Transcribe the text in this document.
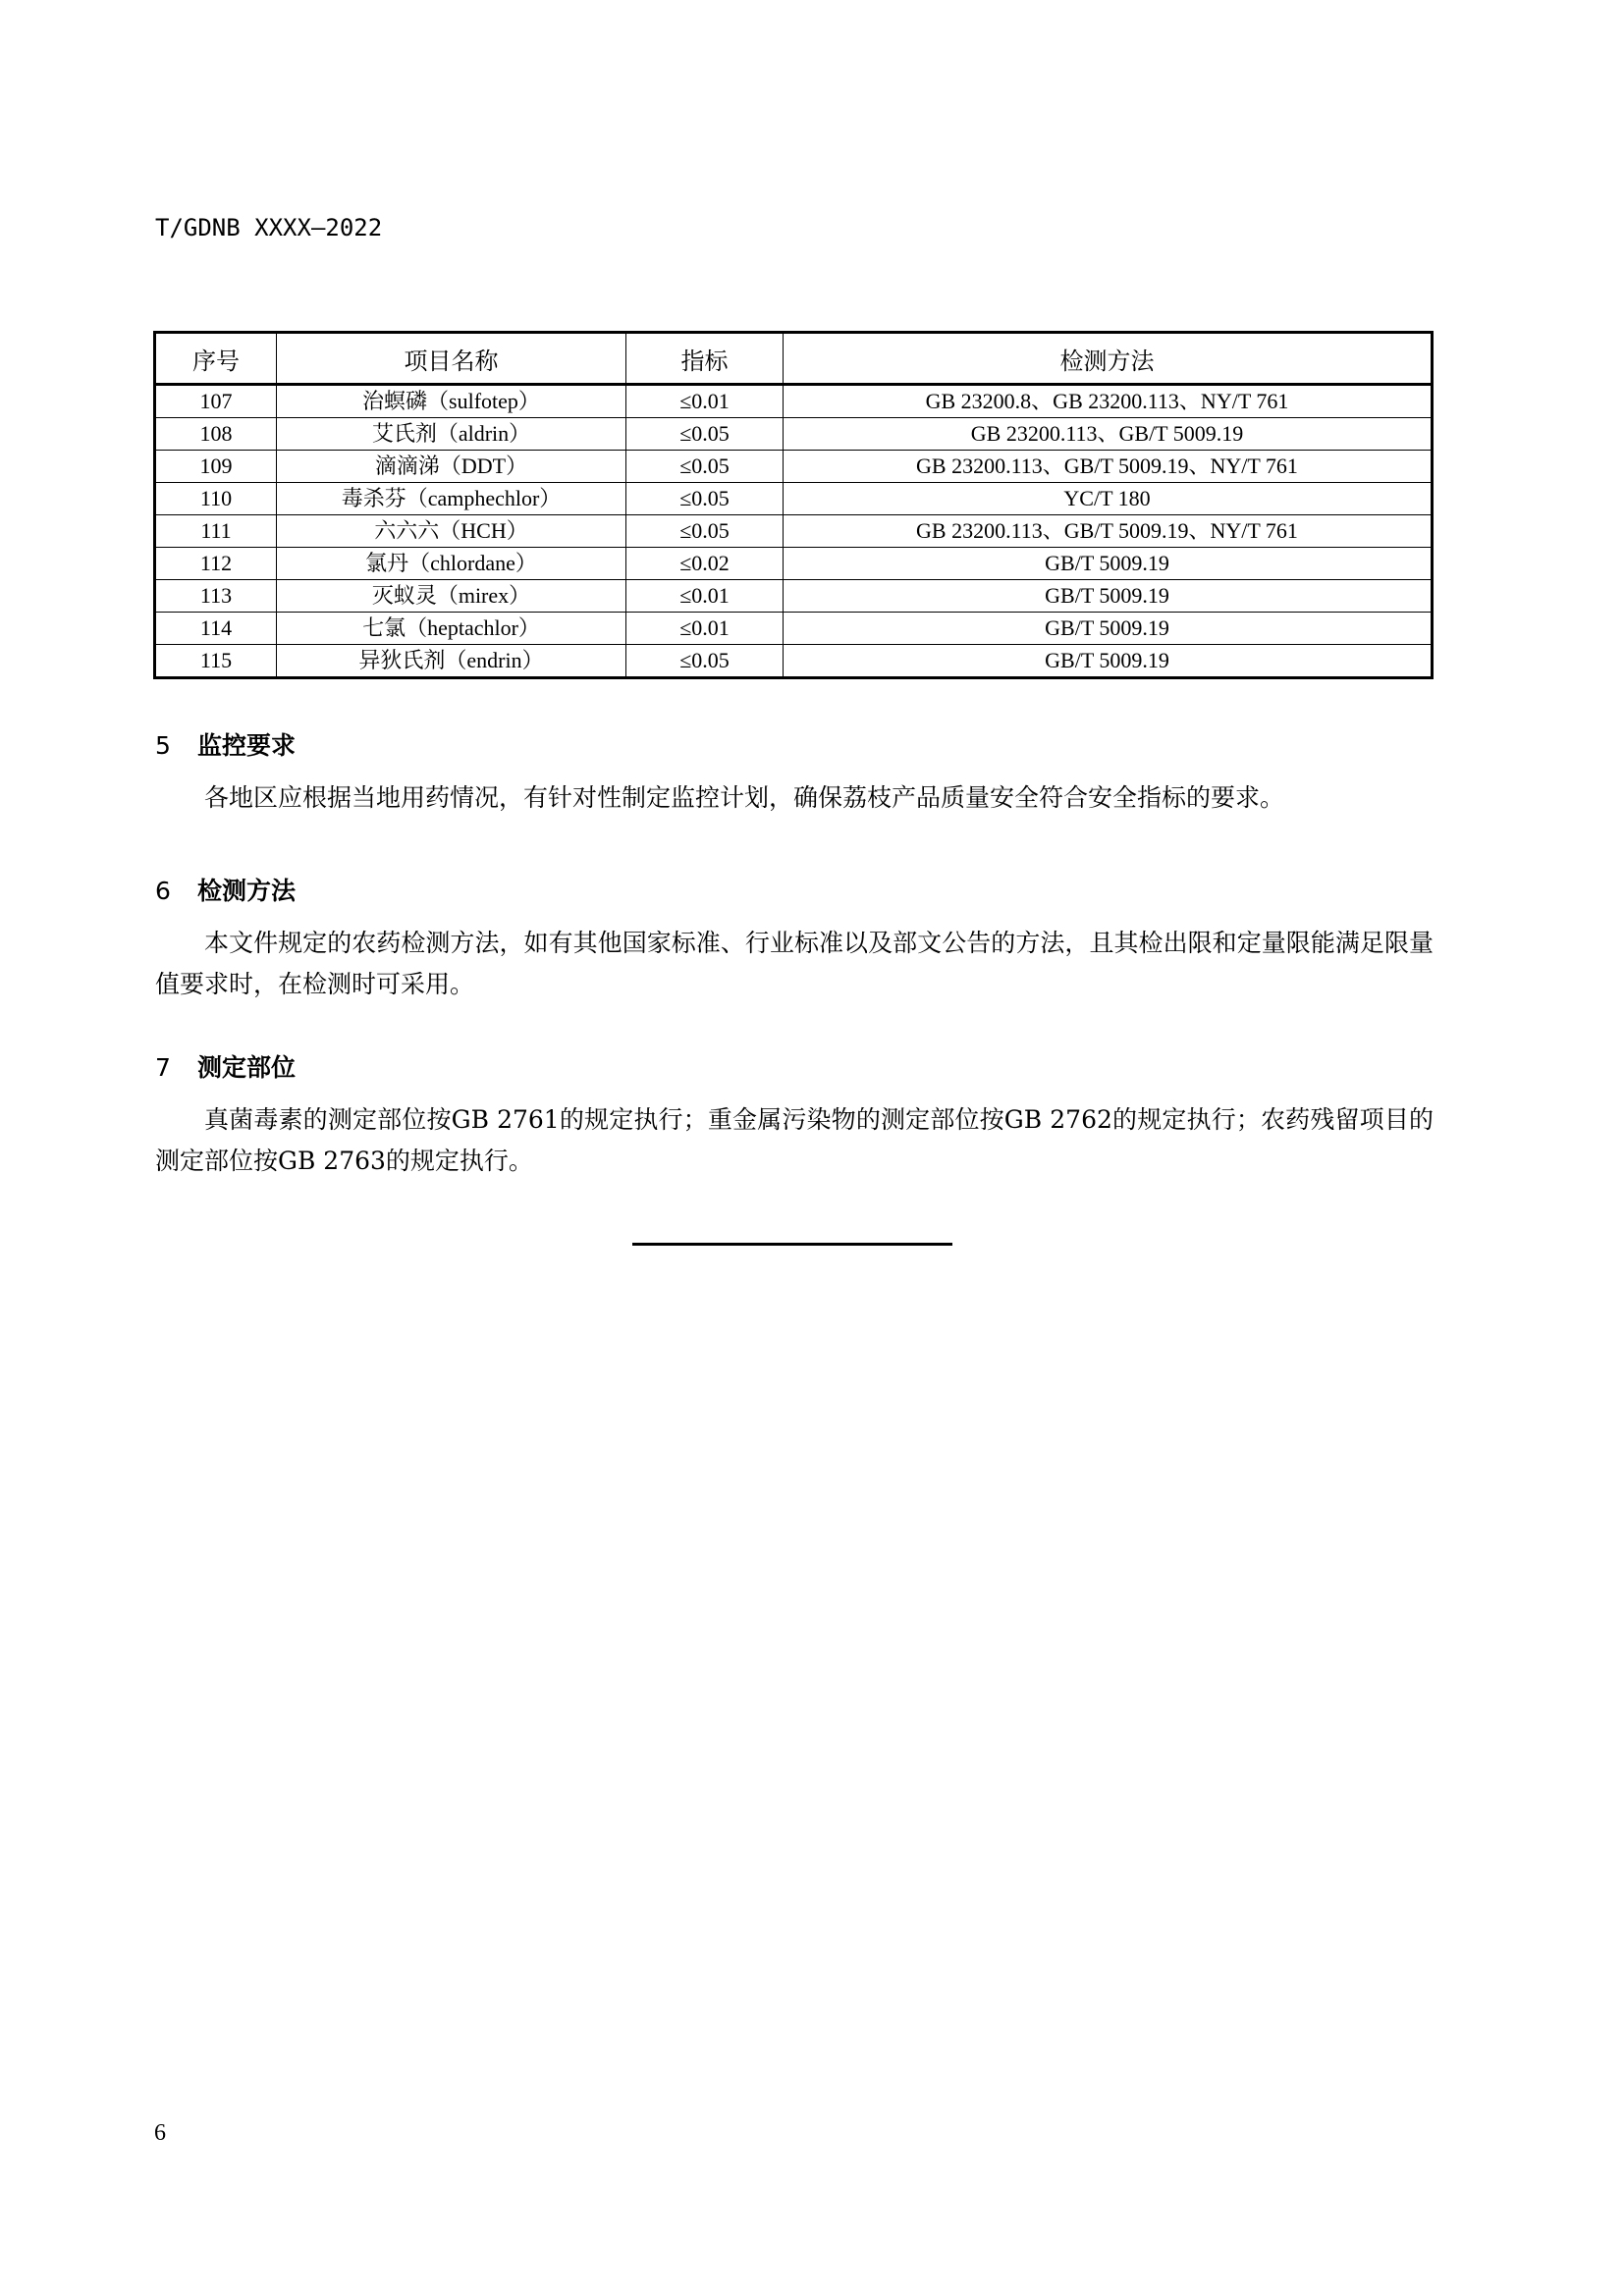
T/GDNB XXXX—2022
序号	项目名称	指标	检测方法
107	治螟磷（sulfotep）	≤0.01	GB 23200.8、GB 23200.113、NY/T 761
108	艾氏剂（aldrin）	≤0.05	GB 23200.113、GB/T 5009.19
109	滴滴涕（DDT）	≤0.05	GB 23200.113、GB/T 5009.19、NY/T 761
110	毒杀芬（camphechlor）	≤0.05	YC/T 180
111	六六六（HCH）	≤0.05	GB 23200.113、GB/T 5009.19、NY/T 761
112	氯丹（chlordane）	≤0.02	GB/T 5009.19
113	灭蚁灵（mirex）	≤0.01	GB/T 5009.19
114	七氯（heptachlor）	≤0.01	GB/T 5009.19
115	异狄氏剂（endrin）	≤0.05	GB/T 5009.19
5 监控要求

各地区应根据当地用药情况，有针对性制定监控计划，确保荔枝产品质量安全符合安全指标的要求。

6 检测方法

本文件规定的农药检测方法，如有其他国家标准、行业标准以及部文公告的方法，且其检出限和定量限能满足限量值要求时，在检测时可采用。

7 测定部位

真菌毒素的测定部位按GB 2761的规定执行；重金属污染物的测定部位按GB 2762的规定执行；农药残留项目的测定部位按GB 2763的规定执行。

6
